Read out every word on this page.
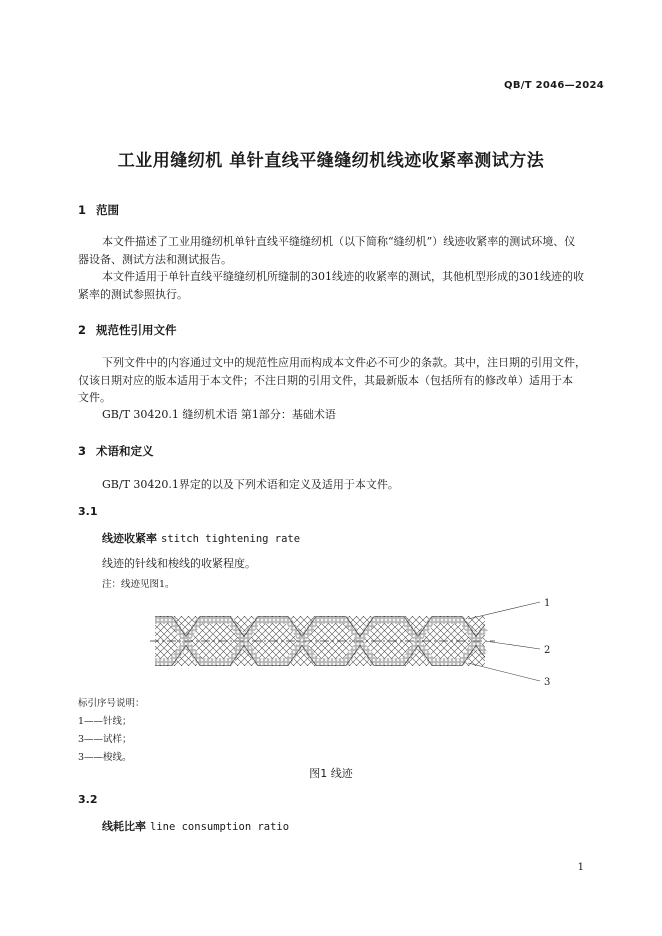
QB/T 2046—2024
工业用缝纫机 单针直线平缝缝纫机线迹收紧率测试方法
1 范围
本文件描述了工业用缝纫机单针直线平缝缝纫机（以下简称“缝纫机”）线迹收紧率的测试环境、仪
器设备、测试方法和测试报告。
本文件适用于单针直线平缝缝纫机所缝制的301线迹的收紧率的测试，其他机型形成的301线迹的收
紧率的测试参照执行。
2 规范性引用文件
下列文件中的内容通过文中的规范性应用而构成本文件必不可少的条款。其中，注日期的引用文件，
仅该日期对应的版本适用于本文件；不注日期的引用文件，其最新版本（包括所有的修改单）适用于本
文件。
GB/T 30420.1 缝纫机术语 第1部分：基础术语
3 术语和定义
GB/T 30420.1界定的以及下列术语和定义及适用于本文件。
3.1
线迹收紧率 stitch tightening rate
线迹的针线和梭线的收紧程度。
注：线迹见图1。
1
2
3
标引序号说明：
1——针线；
3——试样；
3——梭线。
图1 线迹
3.2
线耗比率 line consumption ratio
1
